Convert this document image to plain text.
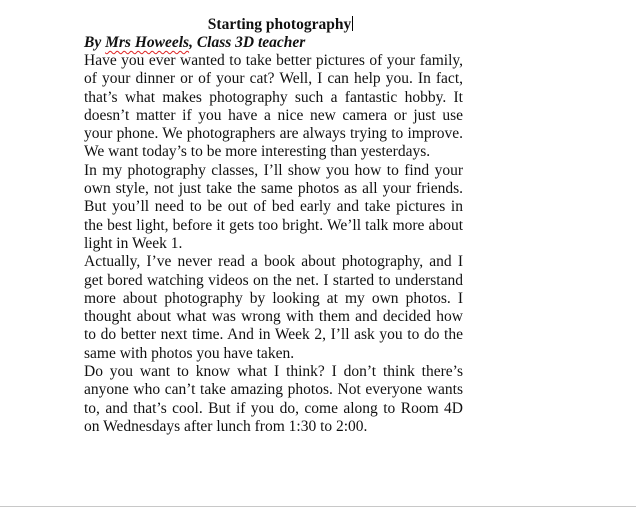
Starting photography

By Mrs Howeels, Class 3D teacher

Have you ever wanted to take better pictures of your family, of your dinner or of your cat? Well, I can help you. In fact, that’s what makes photography such a fantastic hobby. It doesn’t matter if you have a nice new camera or just use your phone. We photographers are always trying to improve. We want today’s to be more interesting than yesterdays.

In my photography classes, I’ll show you how to find your own style, not just take the same photos as all your friends. But you’ll need to be out of bed early and take pictures in the best light, before it gets too bright. We’ll talk more about light in Week 1.

Actually, I’ve never read a book about photography, and I get bored watching videos on the net. I started to understand more about photography by looking at my own photos. I thought about what was wrong with them and decided how to do better next time. And in Week 2, I’ll ask you to do the same with photos you have taken.

Do you want to know what I think? I don’t think there’s anyone who can’t take amazing photos. Not everyone wants to, and that’s cool. But if you do, come along to Room 4D on Wednesdays after lunch from 1:30 to 2:00.
